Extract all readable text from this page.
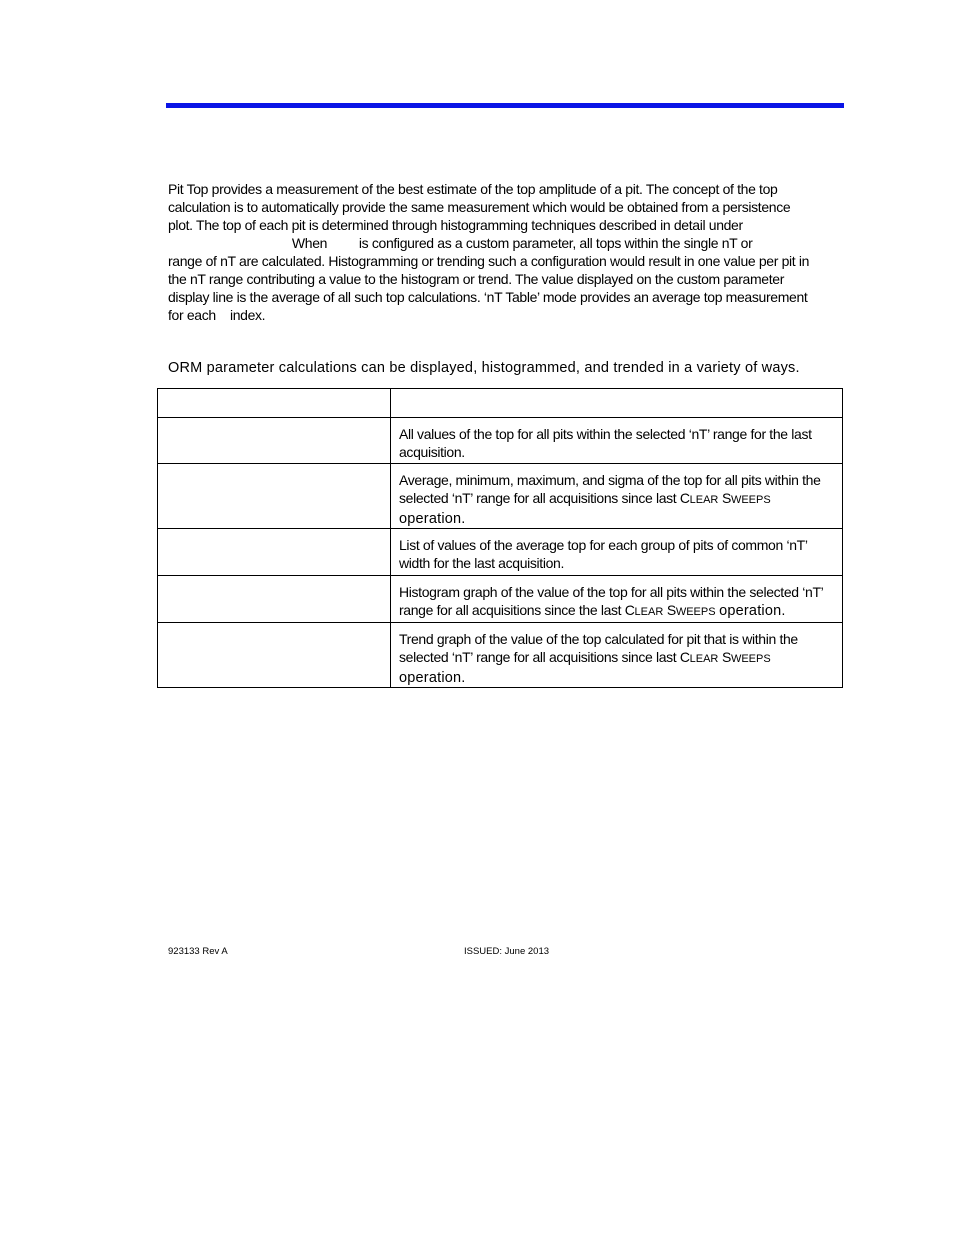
Pit Top provides a measurement of the best estimate of the top amplitude of a pit. The concept of the top
calculation is to automatically provide the same measurement which would be obtained from a persistence
plot. The top of each pit is determined through histogramming techniques described in detail under
When         is configured as a custom parameter, all tops within the single nT or
range of nT are calculated. Histogramming or trending such a configuration would result in one value per pit in
the nT range contributing a value to the histogram or trend. The value displayed on the custom parameter
display line is the average of all such top calculations. ‘nT Table’ mode provides an average top measurement
for each    index.

ORM parameter calculations can be displayed, histogrammed, and trended in a variety of ways.

	All values of the top for all pits within the selected ‘nT’ range for the last acquisition.

	Average, minimum, maximum, and sigma of the top for all pits within the selected ‘nT’ range for all acquisitions since last CLEAR SWEEPS operation.

	List of values of the average top for each group of pits of common ‘nT’ width for the last acquisition.

	Histogram graph of the value of the top for all pits within the selected ‘nT’ range for all acquisitions since the last CLEAR SWEEPS operation.

	Trend graph of the value of the top calculated for pit that is within the selected ‘nT’ range for all acquisitions since last CLEAR SWEEPS operation.
923133 Rev A	ISSUED: June 2013
